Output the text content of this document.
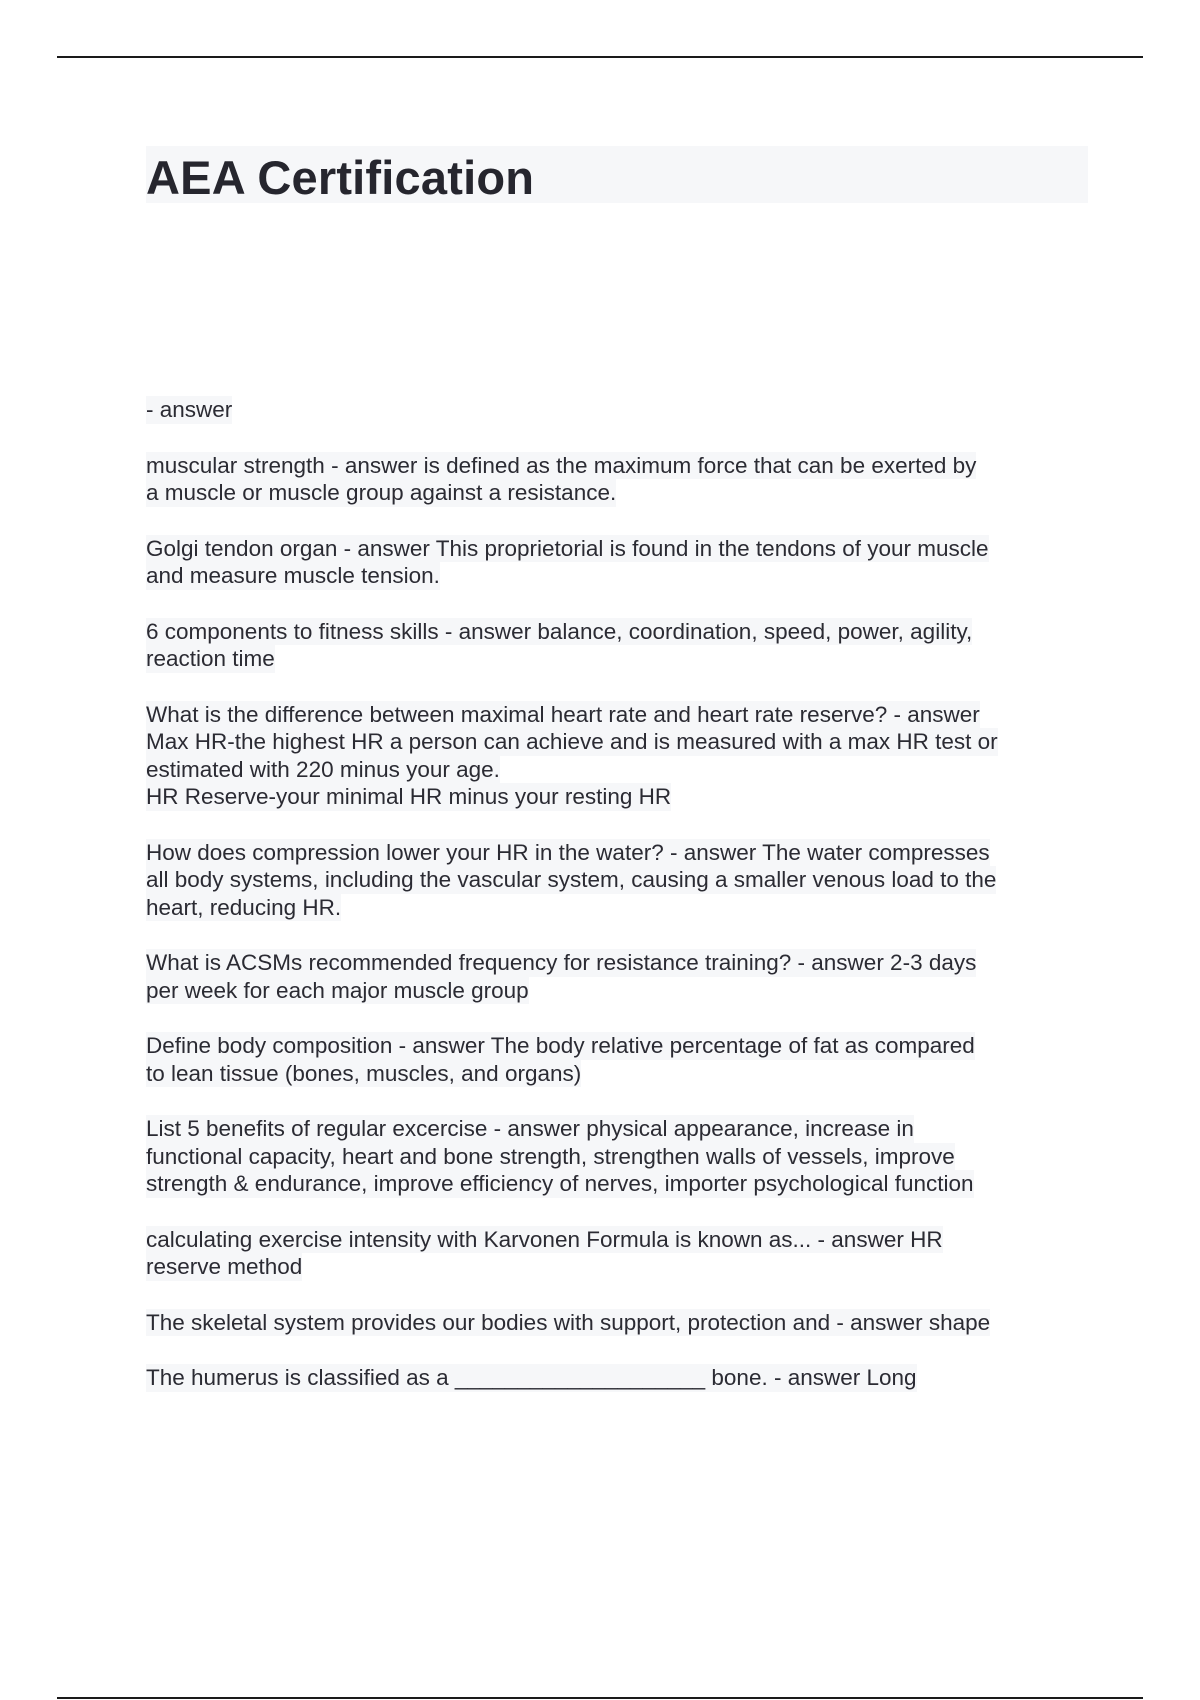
AEA Certification
- answer
muscular strength - answer is defined as the maximum force that can be exerted by
a muscle or muscle group against a resistance.
Golgi tendon organ - answer This proprietorial is found in the tendons of your muscle
and measure muscle tension.
6 components to fitness skills - answer balance, coordination, speed, power, agility,
reaction time
What is the difference between maximal heart rate and heart rate reserve? - answer
Max HR-the highest HR a person can achieve and is measured with a max HR test or
estimated with 220 minus your age.
HR Reserve-your minimal HR minus your resting HR
How does compression lower your HR in the water? - answer The water compresses
all body systems, including the vascular system, causing a smaller venous load to the
heart, reducing HR.
What is ACSMs recommended frequency for resistance training? - answer 2-3 days
per week for each major muscle group
Define body composition - answer The body relative percentage of fat as compared
to lean tissue (bones, muscles, and organs)
List 5 benefits of regular excercise - answer physical appearance, increase in
functional capacity, heart and bone strength, strengthen walls of vessels, improve
strength & endurance, improve efficiency of nerves, importer psychological function
calculating exercise intensity with Karvonen Formula is known as... - answer HR
reserve method
The skeletal system provides our bodies with support, protection and - answer shape
The humerus is classified as a ____________________ bone. - answer Long
